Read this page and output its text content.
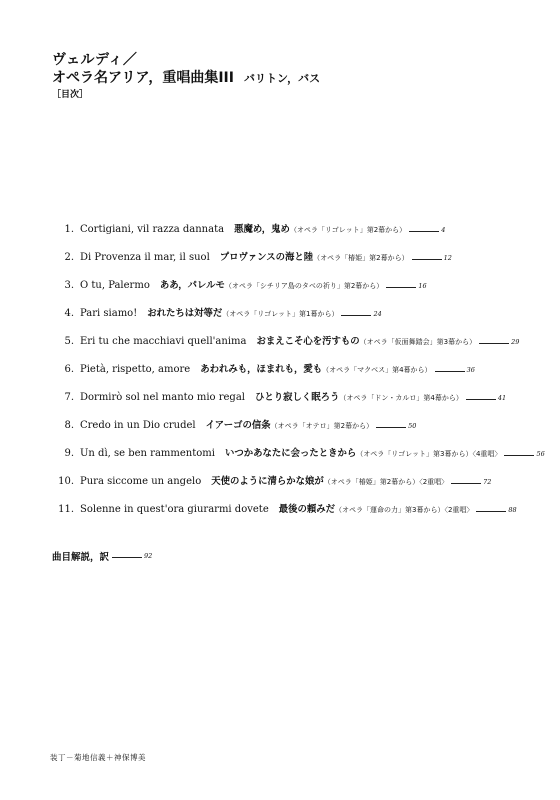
ヴェルディ／
オペラ名アリア，重唱曲集III バリトン，バス
［目次］
1. Cortigiani, vil razza dannata 悪魔め，鬼め（オペラ「リゴレット」第2幕から）	4
2. Di Provenza il mar, il suol プロヴァンスの海と陸（オペラ「椿姫」第2幕から）	12
3. O tu, Palermo ああ，パレルモ（オペラ「シチリア島のタベの祈り」第2幕から）	16
4. Pari siamo! おれたちは対等だ（オペラ「リゴレット」第1幕から）	24
5. Eri tu che macchiavi quell'anima おまえこそ心を汚すもの（オペラ「仮面舞踏会」第3幕から）	29
6. Pietà, rispetto, amore あわれみも，ほまれも，愛も（オペラ「マクベス」第4幕から）	36
7. Dormirò sol nel manto mio regal ひとり寂しく眠ろう（オペラ「ドン・カルロ」第4幕から）	41
8. Credo in un Dio crudel イアーゴの信条（オペラ「オテロ」第2幕から）	50
9. Un dì, se ben rammentomi いつかあなたに会ったときから（オペラ「リゴレット」第3幕から）〈4重唱〉	56
10. Pura siccome un angelo 天使のように清らかな娘が（オペラ「椿姫」第2幕から）〈2重唱〉	72
11. Solenne in quest'ora giurarmi dovete 最後の頼みだ（オペラ「運命の力」第3幕から）〈2重唱〉	88
曲目解説，訳	92
装丁－菊地信義＋神保博美
